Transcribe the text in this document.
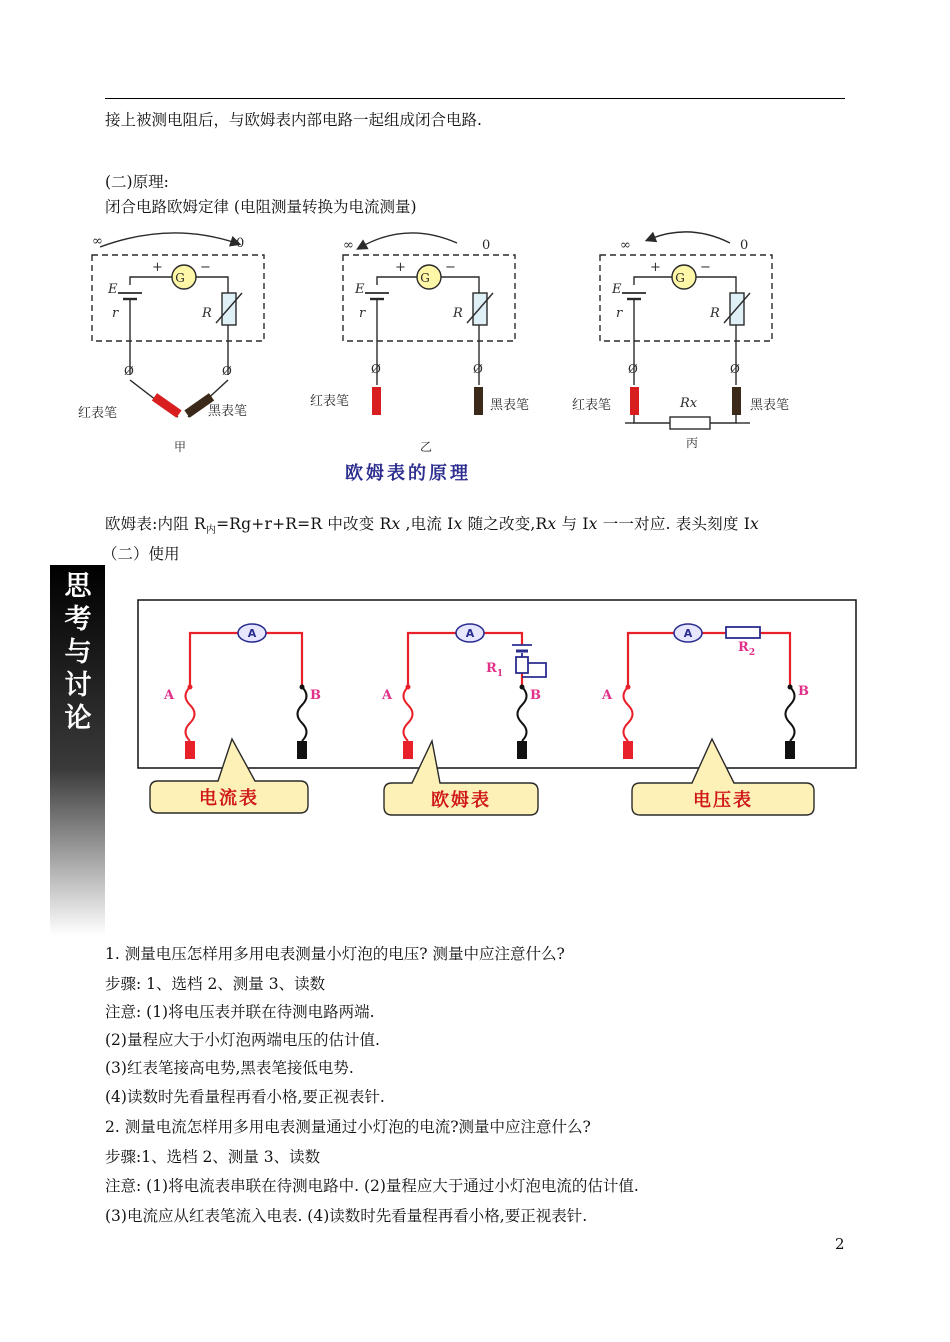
接上被测电阻后，与欧姆表内部电路一起组成闭合电路.
(二)原理:
闭合电路欧姆定律 (电阻测量转换为电流测量)
∞	0
G
+	−
E
r	R
Ø	Ø
红表笔	黑表笔
甲
∞	0
G
+	−
E
r	R
Ø	Ø
红表笔	黑表笔
乙
∞	0
G
+	−
E
r	R
Ø	Ø
红表笔	黑表笔
Rx
丙
欧姆表的原理
欧姆表:内阻 $R_内=Rg+r+R=R$ 中改变 Rx ,电流 Ix 随之改变,Rx 与 Ix 一一对应. 表头刻度 Ix
（二）使用
思
考
与
讨
论
A	A	A
A	B	A	B	A	B
$R_1$
$R_2$
电流表	欧姆表	电压表
1. 测量电压怎样用多用电表测量小灯泡的电压? 测量中应注意什么?
步骤: 1、选档 2、测量 3、读数
注意: (1)将电压表并联在待测电路两端.
(2)量程应大于小灯泡两端电压的估计值.
(3)红表笔接高电势,黑表笔接低电势.
(4)读数时先看量程再看小格,要正视表针.
2. 测量电流怎样用多用电表测量通过小灯泡的电流?测量中应注意什么?
步骤:1、选档 2、测量 3、读数
注意: (1)将电流表串联在待测电路中. (2)量程应大于通过小灯泡电流的估计值.
(3)电流应从红表笔流入电表. (4)读数时先看量程再看小格,要正视表针.
2
